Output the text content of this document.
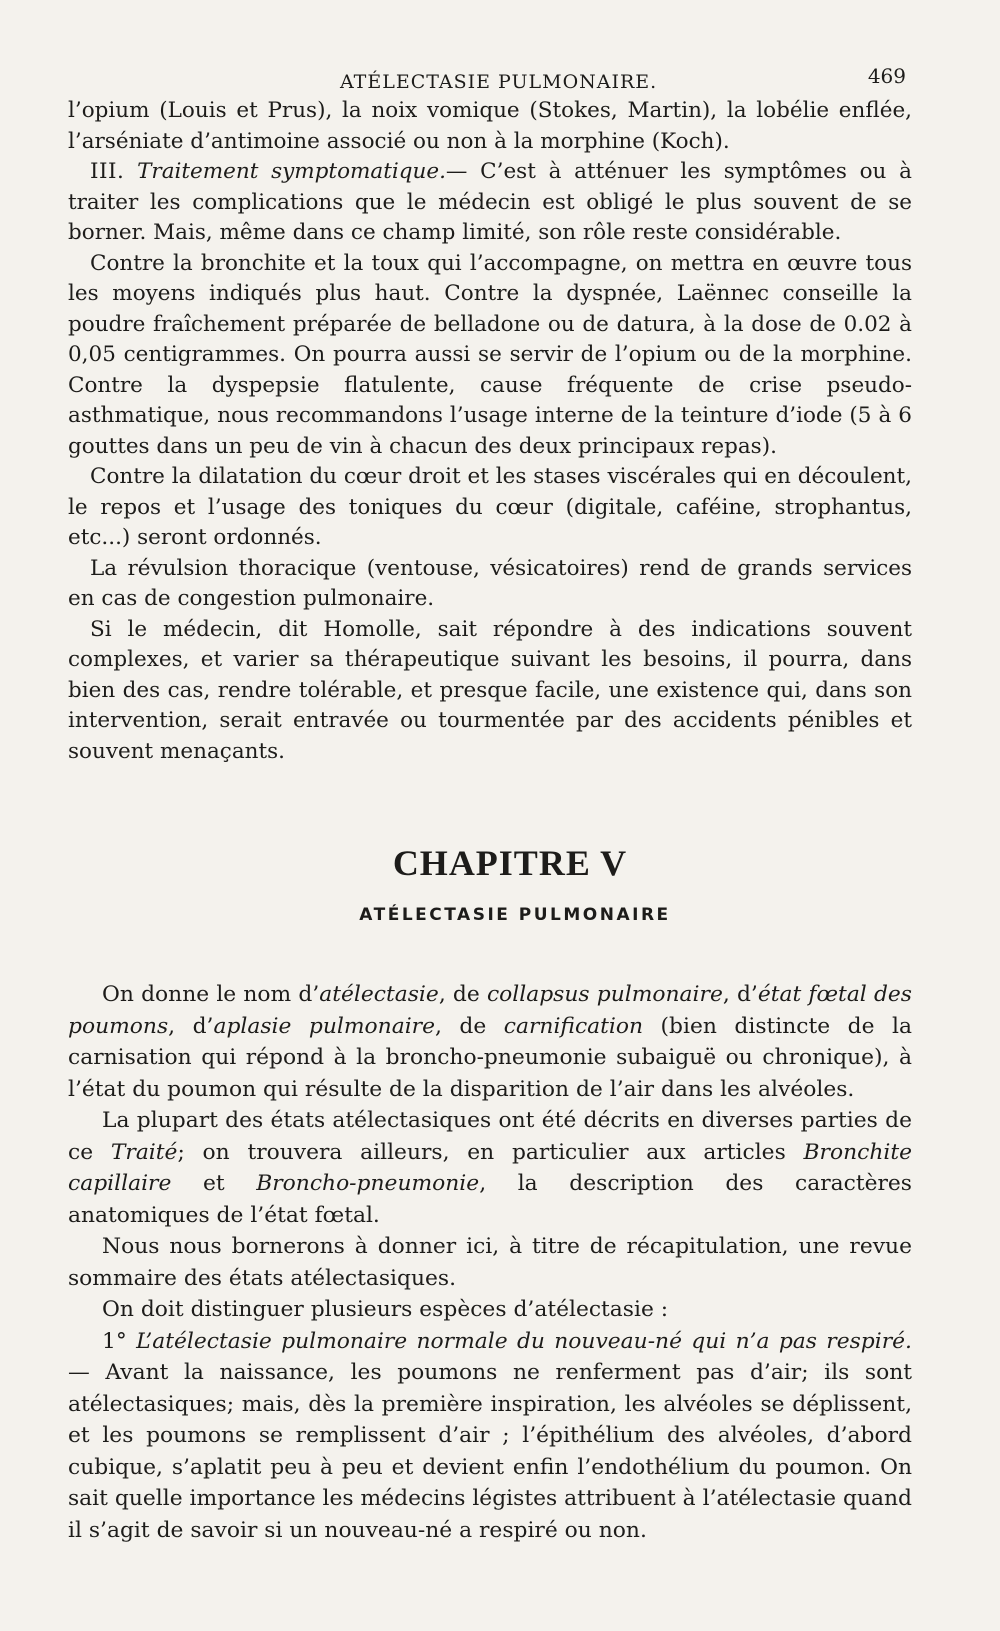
ATÉLECTASIE PULMONAIRE.	469

l’opium (Louis et Prus), la noix vomique (Stokes, Martin), la lobélie enflée, l’arséniate d’antimoine associé ou non à la morphine (Koch).

III. Traitement symptomatique.— C’est à atténuer les symptômes ou à traiter les complications que le médecin est obligé le plus souvent de se borner. Mais, même dans ce champ limité, son rôle reste considérable.

Contre la bronchite et la toux qui l’accompagne, on mettra en œuvre tous les moyens indiqués plus haut. Contre la dyspnée, Laënnec conseille la poudre fraîchement préparée de belladone ou de datura, à la dose de 0.02 à 0,05 centigrammes. On pourra aussi se servir de l’opium ou de la morphine. Contre la dyspepsie flatulente, cause fréquente de crise pseudo-asthmatique, nous recommandons l’usage interne de la teinture d’iode (5 à 6 gouttes dans un peu de vin à chacun des deux principaux repas).

Contre la dilatation du cœur droit et les stases viscérales qui en découlent, le repos et l’usage des toniques du cœur (digitale, caféine, strophantus, etc...) seront ordonnés.

La révulsion thoracique (ventouse, vésicatoires) rend de grands services en cas de congestion pulmonaire.

Si le médecin, dit Homolle, sait répondre à des indications souvent complexes, et varier sa thérapeutique suivant les besoins, il pourra, dans bien des cas, rendre tolérable, et presque facile, une existence qui, dans son intervention, serait entravée ou tourmentée par des accidents pénibles et souvent menaçants.

CHAPITRE V
ATÉLECTASIE PULMONAIRE

On donne le nom d’atélectasie, de collapsus pulmonaire, d’état fœtal des poumons, d’aplasie pulmonaire, de carnification (bien distincte de la carnisation qui répond à la broncho-pneumonie subaiguë ou chronique), à l’état du poumon qui résulte de la disparition de l’air dans les alvéoles.

La plupart des états atélectasiques ont été décrits en diverses parties de ce Traité; on trouvera ailleurs, en particulier aux articles Bronchite capillaire et Broncho-pneumonie, la description des caractères anatomiques de l’état fœtal.

Nous nous bornerons à donner ici, à titre de récapitulation, une revue sommaire des états atélectasiques.

On doit distinguer plusieurs espèces d’atélectasie :

1° L’atélectasie pulmonaire normale du nouveau-né qui n’a pas respiré. — Avant la naissance, les poumons ne renferment pas d’air; ils sont atélectasiques; mais, dès la première inspiration, les alvéoles se déplissent, et les poumons se remplissent d’air ; l’épithélium des alvéoles, d’abord cubique, s’aplatit peu à peu et devient enfin l’endothélium du poumon. On sait quelle importance les médecins légistes attribuent à l’atélectasie quand il s’agit de savoir si un nouveau-né a respiré ou non.
